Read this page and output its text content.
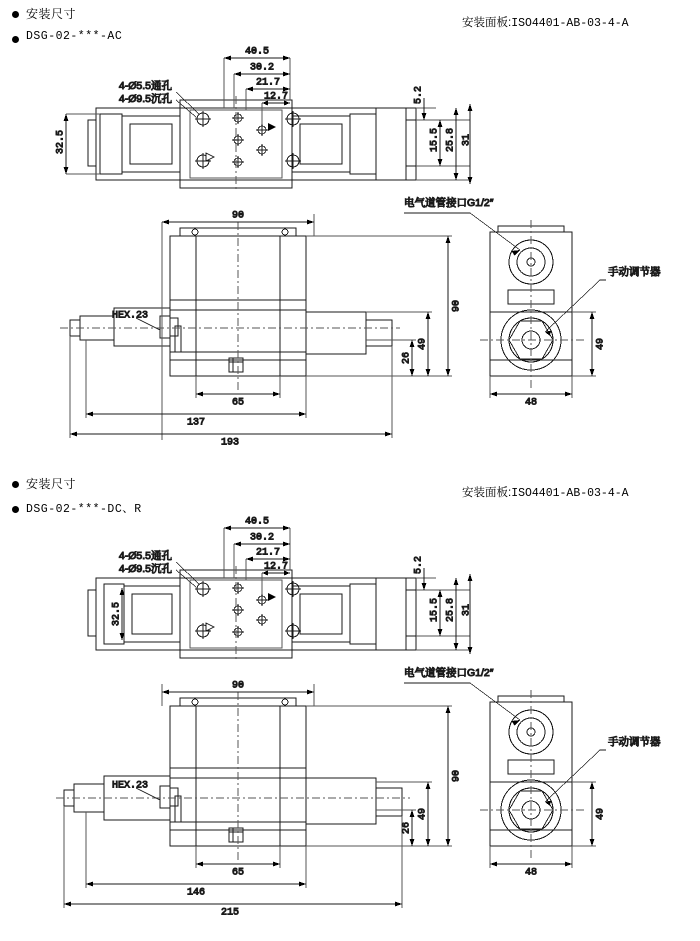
安装尺寸
DSG-02-***-AC
安装面板:ISO4401-AB-03-4-A
40.5
30.2
21.7
12.7	5.2
15.5 25.8 31
32.5
4-Ø5.5通孔
4-Ø9.5沉孔
90
90
49
26
65
137
193
HEX.23
49
48
电气道管接口G1/2″
手动调节器
安装尺寸
DSG-02-***-DC、R
安装面板:ISO4401-AB-03-4-A
40.5
30.2
21.7
12.7	5.2
15.5 25.8 31
32.5
4-Ø5.5通孔
4-Ø9.5沉孔
90
90
49
26
65
146
215
HEX.23
49
48
电气道管接口G1/2″
手动调节器
